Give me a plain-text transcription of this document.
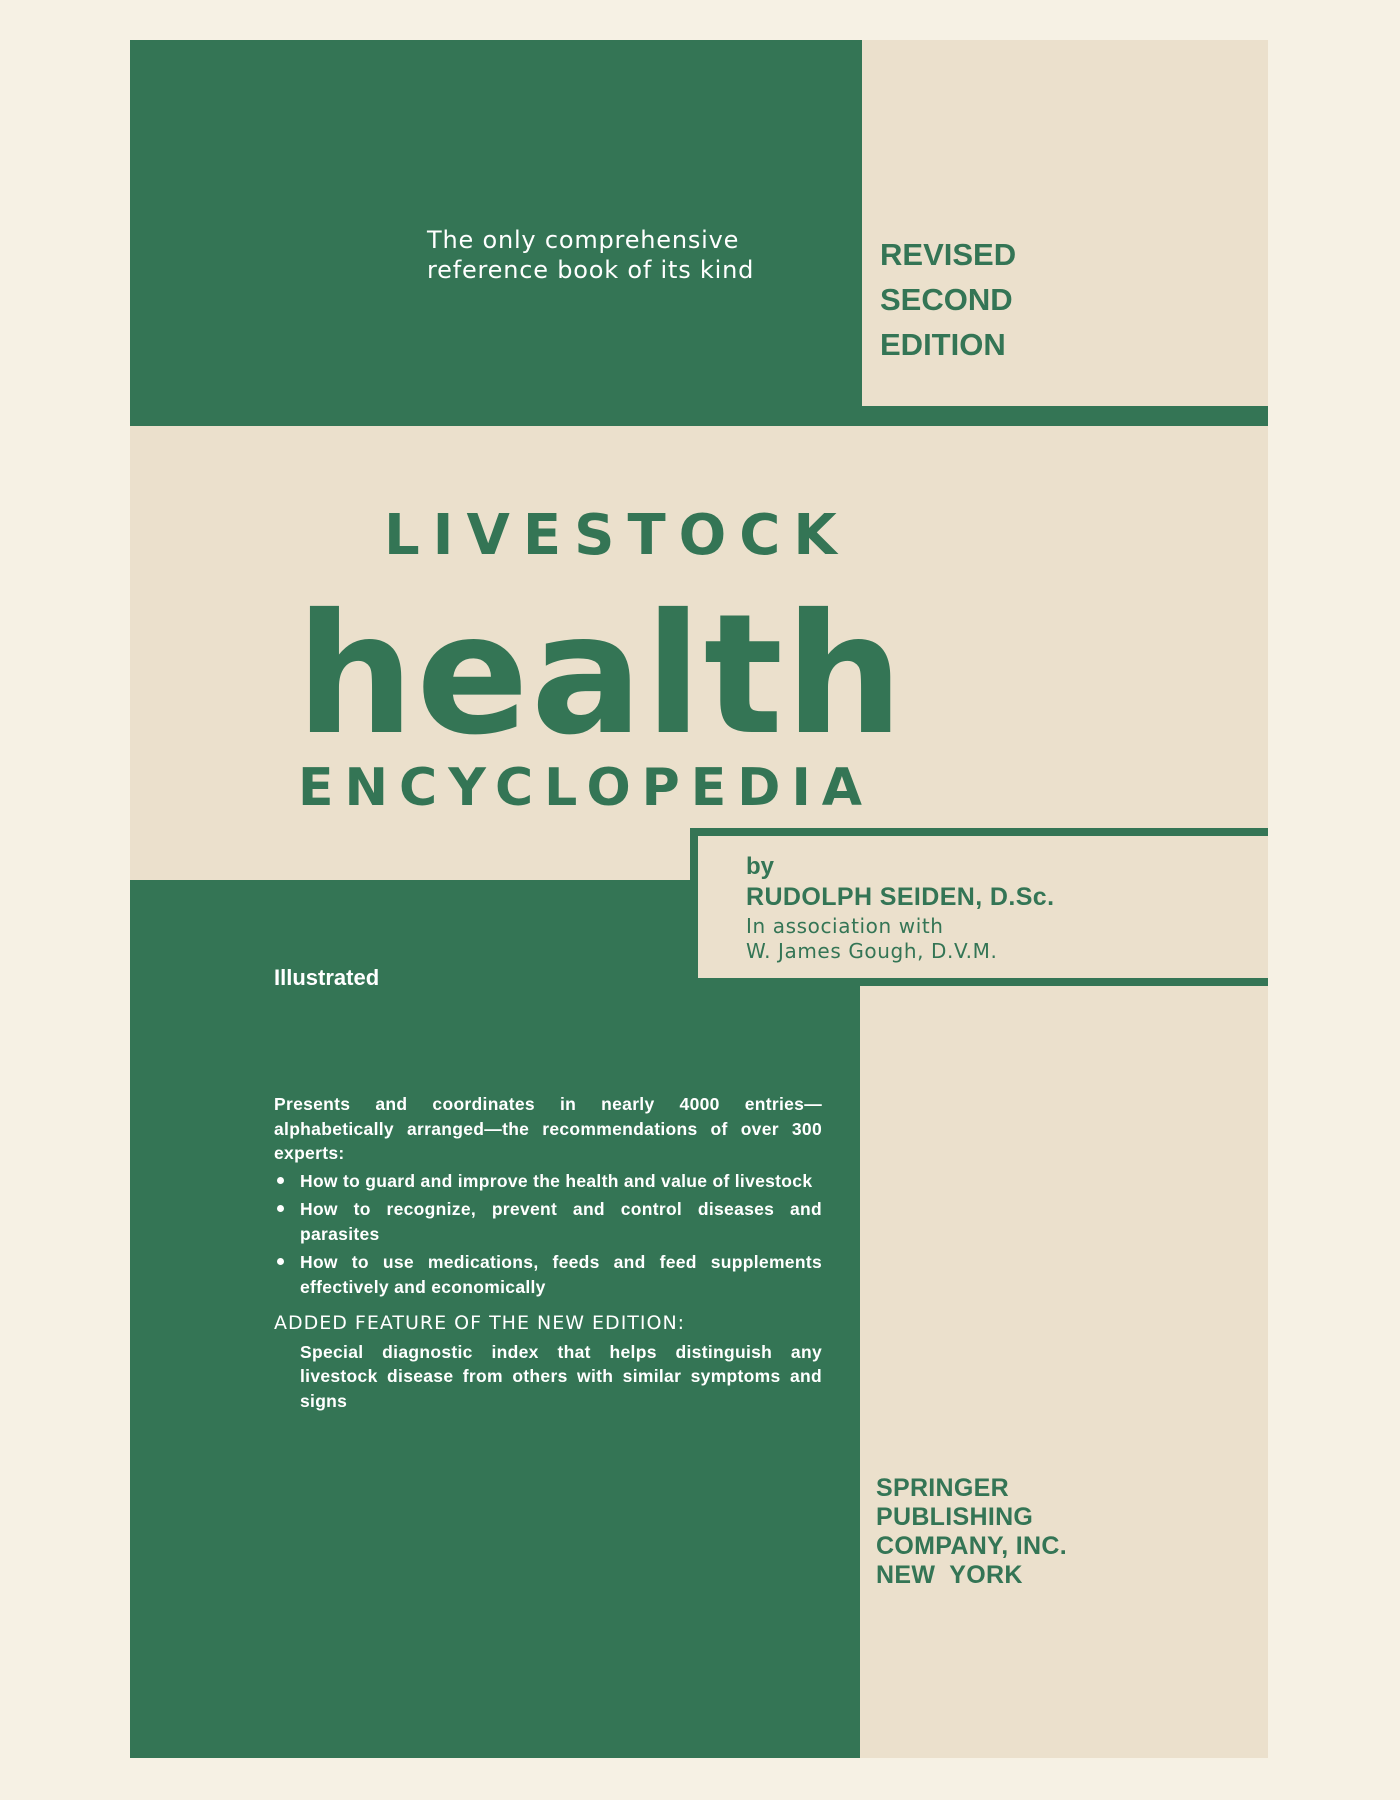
The only comprehensive
reference book of its kind	REVISED
SECOND
EDITION
LIVESTOCK
health
ENCYCLOPEDIA
by
RUDOLPH SEIDEN, D.Sc.
In association with
W. James Gough, D.V.M.
Illustrated

Presents and coordinates in nearly 4000 entries—alphabetically arranged—the recommendations of over 300 experts:

How to guard and improve the health and value of livestock
How to recognize, prevent and control diseases and parasites
How to use medications, feeds and feed supplements effectively and economically
ADDED FEATURE OF THE NEW EDITION:
Special diagnostic index that helps distinguish any livestock disease from others with similar symptoms and signs
SPRINGER
PUBLISHING
COMPANY, INC.
NEW  YORK
